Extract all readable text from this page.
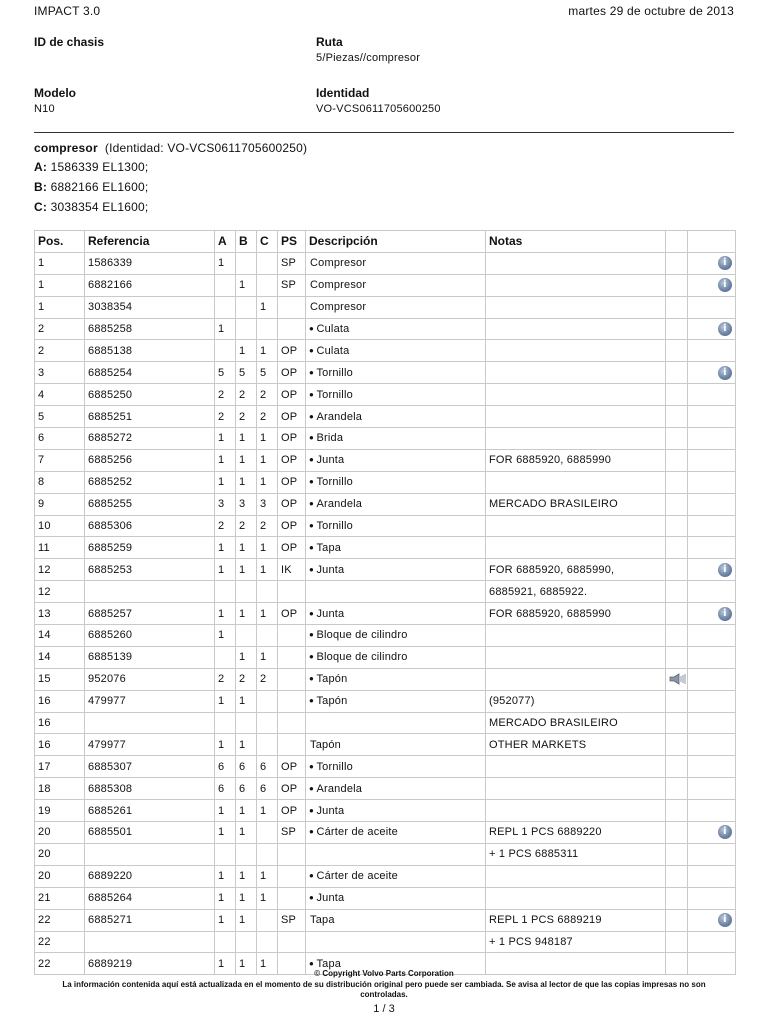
IMPACT 3.0	martes 29 de octubre de 2013
ID de chasis	Ruta
5/Piezas//compresor
Modelo
N10
Identidad
VO-VCS0611705600250
compresor (Identidad: VO-VCS0611705600250)
A: 1586339 EL1300;
B: 6882166 EL1600;
C: 3038354 EL1600;
Pos.	Referencia	A	B	C	PS	Descripción	Notas		
1	1586339	1			SP	Compresor			i
1	6882166		1		SP	Compresor			i
1	3038354			1		Compresor			
2	6885258	1				● Culata			i
2	6885138		1	1	OP	● Culata			
3	6885254	5	5	5	OP	● Tornillo			i
4	6885250	2	2	2	OP	● Tornillo			
5	6885251	2	2	2	OP	● Arandela			
6	6885272	1	1	1	OP	● Brida			
7	6885256	1	1	1	OP	● Junta	FOR 6885920, 6885990		
8	6885252	1	1	1	OP	● Tornillo			
9	6885255	3	3	3	OP	● Arandela	MERCADO BRASILEIRO		
10	6885306	2	2	2	OP	● Tornillo			
11	6885259	1	1	1	OP	● Tapa			
12	6885253	1	1	1	IK	● Junta	FOR 6885920, 6885990,		i
12							6885921, 6885922.		
13	6885257	1	1	1	OP	● Junta	FOR 6885920, 6885990		i
14	6885260	1				● Bloque de cilindro			
14	6885139		1	1		● Bloque de cilindro			
15	952076	2	2	2		● Tapón			
16	479977	1	1			● Tapón	(952077)		
16							MERCADO BRASILEIRO		
16	479977	1	1			Tapón	OTHER MARKETS		
17	6885307	6	6	6	OP	● Tornillo			
18	6885308	6	6	6	OP	● Arandela			
19	6885261	1	1	1	OP	● Junta			
20	6885501	1	1		SP	● Cárter de aceite	REPL 1 PCS 6889220		i
20							+ 1 PCS 6885311		
20	6889220	1	1	1		● Cárter de aceite			
21	6885264	1	1	1		● Junta			
22	6885271	1	1		SP	Tapa	REPL 1 PCS 6889219		i
22							+ 1 PCS 948187		
22	6889219	1	1	1		● Tapa			
© Copyright Volvo Parts Corporation
La información contenida aquí está actualizada en el momento de su distribución original pero puede ser cambiada. Se avisa al lector de que las copias impresas no son controladas.
1 / 3
